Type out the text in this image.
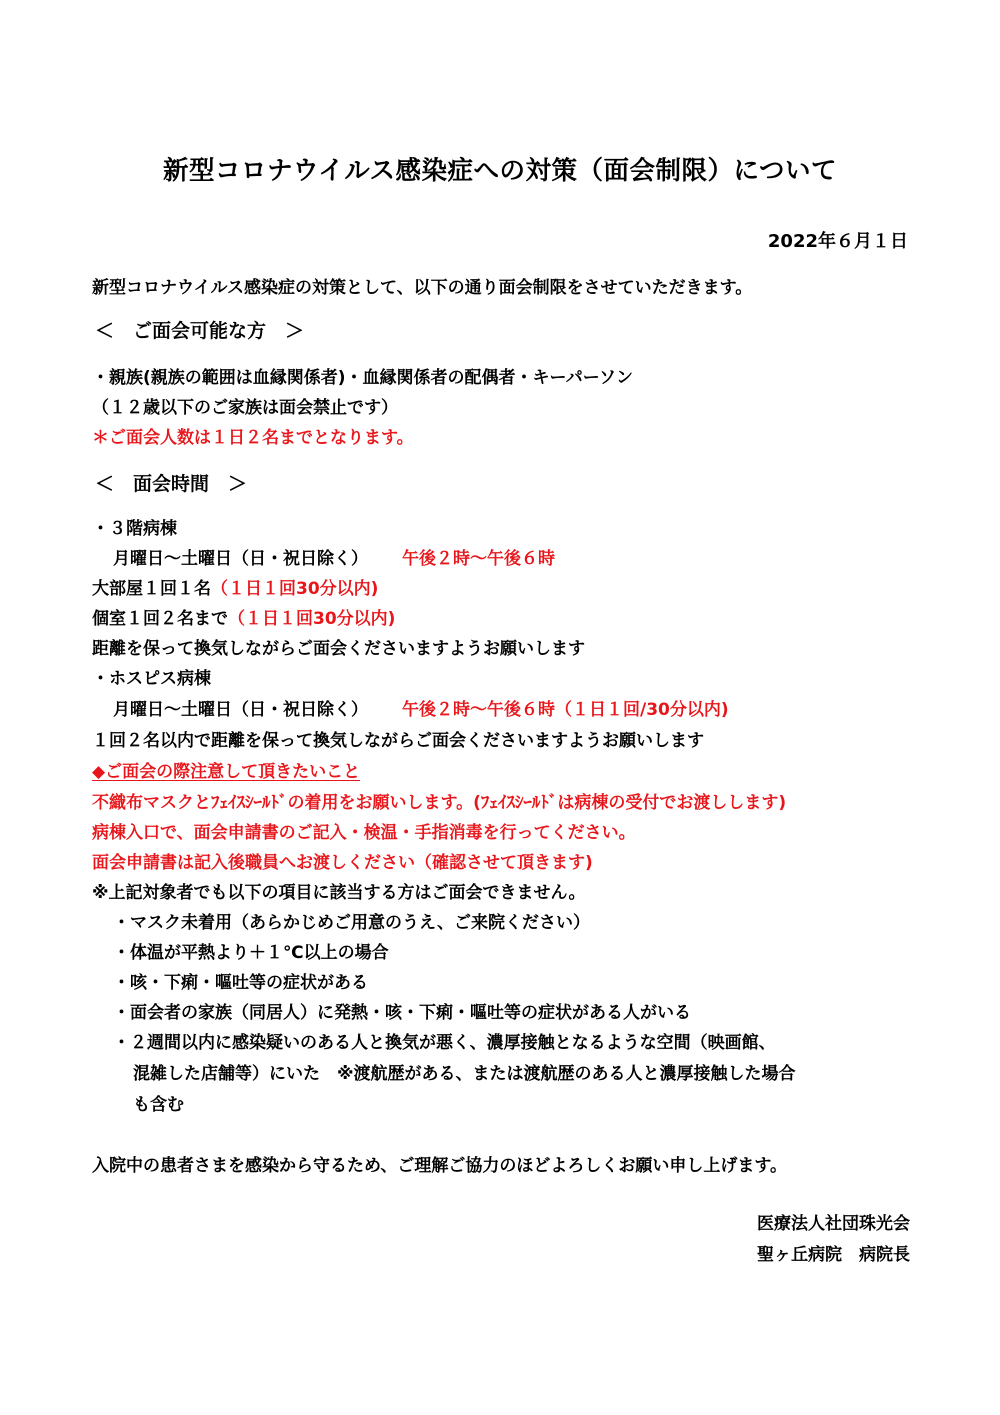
新型コロナウイルス感染症への対策（面会制限）について
2022年６月１日
新型コロナウイルス感染症の対策として、以下の通り面会制限をさせていただきます。
＜　ご面会可能な方　＞
・親族(親族の範囲は血縁関係者)・血縁関係者の配偶者・キーパーソン
（１２歳以下のご家族は面会禁止です）
＊ご面会人数は１日２名までとなります。
＜　面会時間　＞
・３階病棟
月曜日～土曜日（日・祝日除く） 午後２時～午後６時
大部屋１回１名（１日１回30分以内)
個室１回２名まで（１日１回30分以内)
距離を保って換気しながらご面会くださいますようお願いします
・ホスピス病棟
月曜日～土曜日（日・祝日除く） 午後２時～午後６時（１日１回/30分以内)
１回２名以内で距離を保って換気しながらご面会くださいますようお願いします
◆ご面会の際注意して頂きたいこと
不織布マスクとﾌｪｲｽｼｰﾙﾄﾞの着用をお願いします。(ﾌｪｲｽｼｰﾙﾄﾞは病棟の受付でお渡しします)
病棟入口で、面会申請書のご記入・検温・手指消毒を行ってください。
面会申請書は記入後職員へお渡しください（確認させて頂きます)
※上記対象者でも以下の項目に該当する方はご面会できません。
・マスク未着用（あらかじめご用意のうえ、ご来院ください）
・体温が平熱より＋１℃以上の場合
・咳・下痢・嘔吐等の症状がある
・面会者の家族（同居人）に発熱・咳・下痢・嘔吐等の症状がある人がいる
・２週間以内に感染疑いのある人と換気が悪く、濃厚接触となるような空間（映画館、
混雑した店舗等）にいた　※渡航歴がある、または渡航歴のある人と濃厚接触した場合
も含む
入院中の患者さまを感染から守るため、ご理解ご協力のほどよろしくお願い申し上げます。
医療法人社団珠光会
聖ヶ丘病院　病院長
